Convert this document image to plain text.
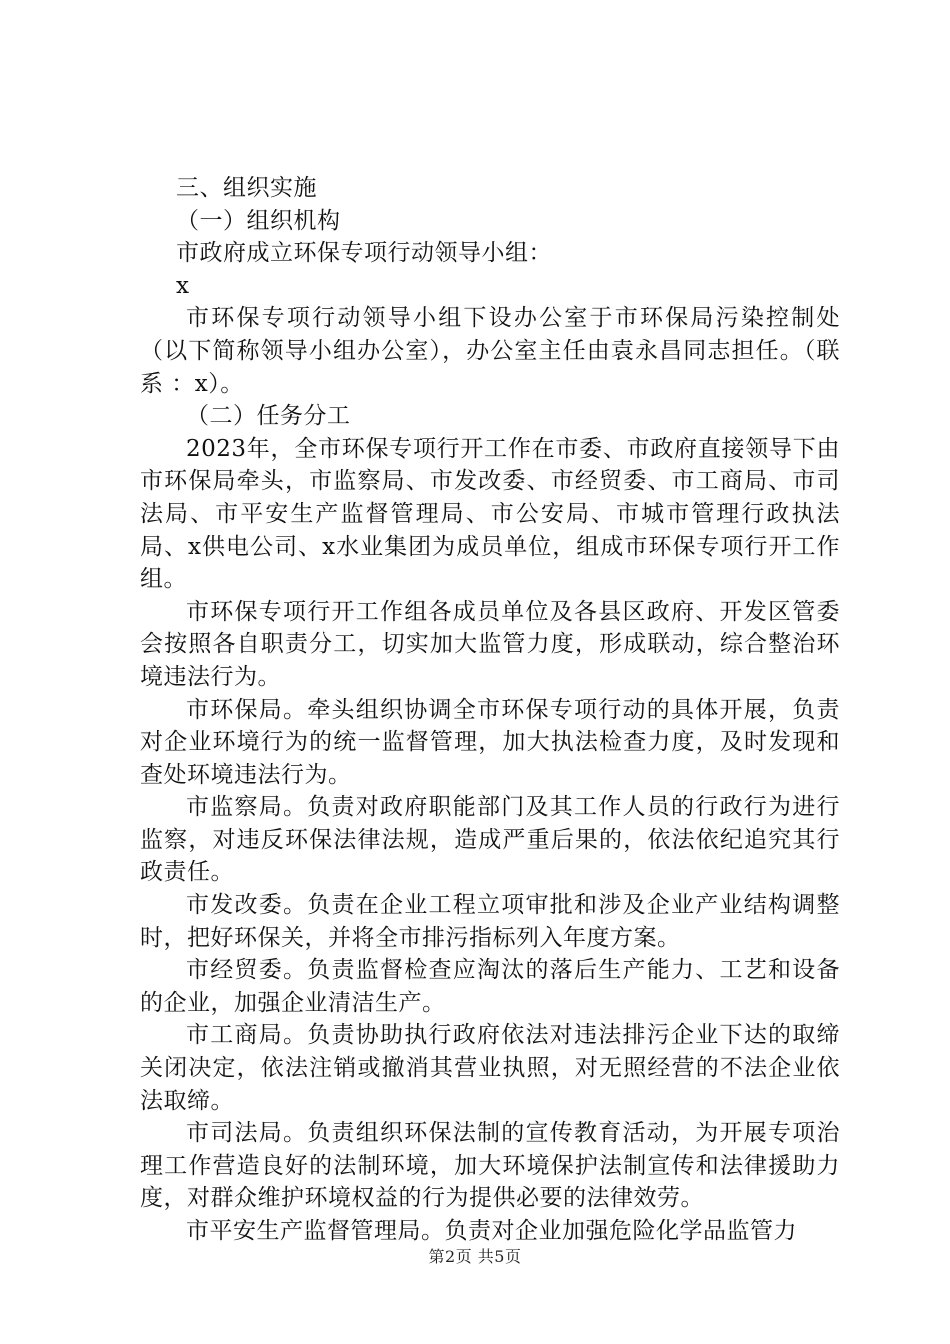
三、组织实施
（一）组织机构
市政府成立环保专项行动领导小组：
x

市环保专项行动领导小组下设办公室于市环保局污染控制处（以下简称领导小组办公室），办公室主任由袁永昌同志担任。（联系 ：x）。

（二）任务分工

2023年，全市环保专项行开工作在市委、市政府直接领导下由市环保局牵头，市监察局、市发改委、市经贸委、市工商局、市司法局、市平安生产监督管理局、市公安局、市城市管理行政执法局、x供电公司、x水业集团为成员单位，组成市环保专项行开工作组。

市环保专项行开工作组各成员单位及各县区政府、开发区管委会按照各自职责分工，切实加大监管力度，形成联动，综合整治环境违法行为。

市环保局。牵头组织协调全市环保专项行动的具体开展，负责对企业环境行为的统一监督管理，加大执法检查力度，及时发现和查处环境违法行为。

市监察局。负责对政府职能部门及其工作人员的行政行为进行监察，对违反环保法律法规，造成严重后果的，依法依纪追究其行政责任。

市发改委。负责在企业工程立项审批和涉及企业产业结构调整时，把好环保关，并将全市排污指标列入年度方案。

市经贸委。负责监督检查应淘汰的落后生产能力、工艺和设备的企业，加强企业清洁生产。

市工商局。负责协助执行政府依法对违法排污企业下达的取缔关闭决定，依法注销或撤消其营业执照，对无照经营的不法企业依法取缔。

市司法局。负责组织环保法制的宣传教育活动，为开展专项治理工作营造良好的法制环境，加大环境保护法制宣传和法律援助力度，对群众维护环境权益的行为提供必要的法律效劳。

市平安生产监督管理局。负责对企业加强危险化学品监管力

第2页 共5页
